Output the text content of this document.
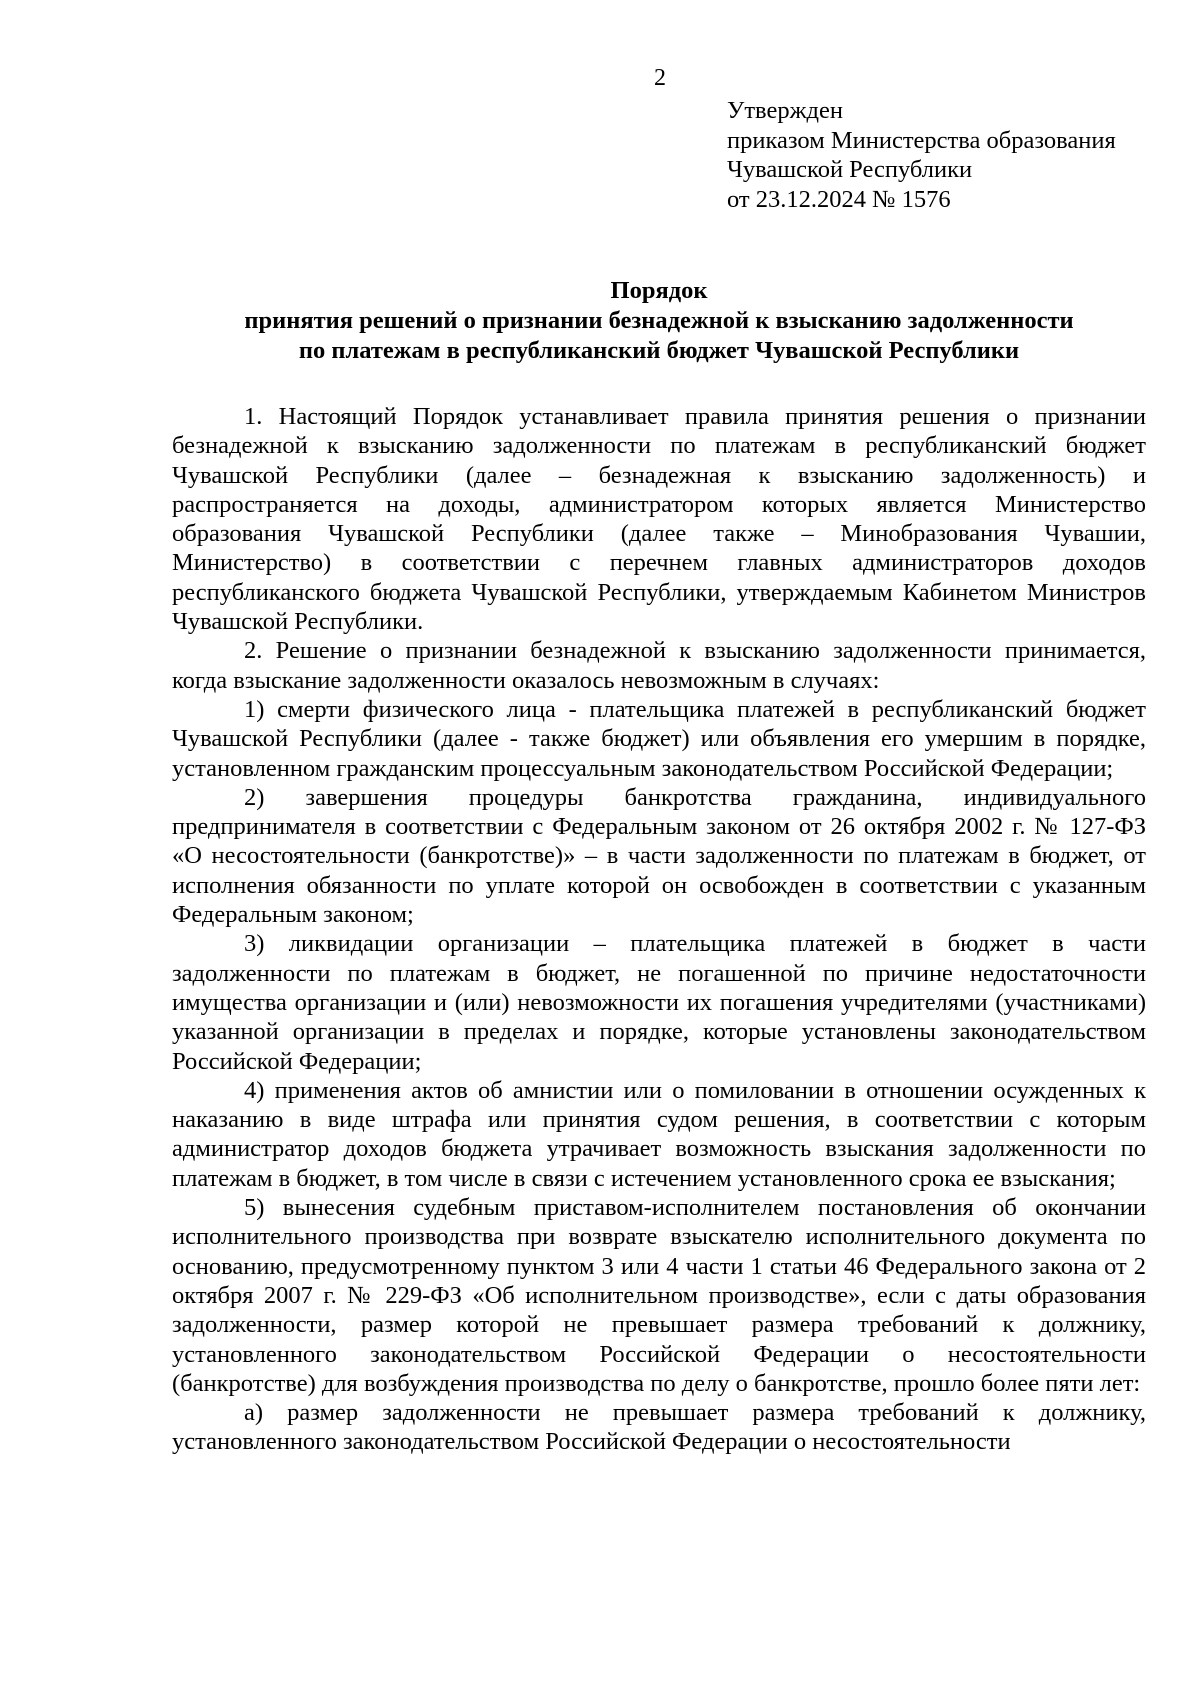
2
Утвержден
приказом Министерства образования
Чувашской Республики
от 23.12.2024 № 1576
Порядок
принятия решений о признании безнадежной к взысканию задолженности
по платежам в республиканский бюджет Чувашской Республики

1. Настоящий Порядок устанавливает правила принятия решения о признании безнадежной к взысканию задолженности по платежам в республиканский бюджет Чувашской Республики (далее – безнадежная к взысканию задолженность) и распространяется на доходы, администратором которых является Министерство образования Чувашской Республики (далее также – Минобразования Чувашии, Министерство) в соответствии с перечнем главных администраторов доходов республиканского бюджета Чувашской Республики, утверждаемым Кабинетом Министров Чувашской Республики.

2. Решение о признании безнадежной к взысканию задолженности принимается, когда взыскание задолженности оказалось невозможным в случаях:

1) смерти физического лица - плательщика платежей в республиканский бюджет Чувашской Республики (далее - также бюджет) или объявления его умершим в порядке, установленном гражданским процессуальным законодательством Российской Федерации;

2) завершения процедуры банкротства гражданина, индивидуального предпринимателя в соответствии с Федеральным законом от 26 октября 2002 г. № 127-ФЗ «О несостоятельности (банкротстве)» – в части задолженности по платежам в бюджет, от исполнения обязанности по уплате которой он освобожден в соответствии с указанным Федеральным законом;

3) ликвидации организации – плательщика платежей в бюджет в части задолженности по платежам в бюджет, не погашенной по причине недостаточности имущества организации и (или) невозможности их погашения учредителями (участниками) указанной организации в пределах и порядке, которые установлены законодательством Российской Федерации;

4) применения актов об амнистии или о помиловании в отношении осужденных к наказанию в виде штрафа или принятия судом решения, в соответствии с которым администратор доходов бюджета утрачивает возможность взыскания задолженности по платежам в бюджет, в том числе в связи с истечением установленного срока ее взыскания;

5) вынесения судебным приставом-исполнителем постановления об окончании исполнительного производства при возврате взыскателю исполнительного документа по основанию, предусмотренному пунктом 3 или 4 части 1 статьи 46 Федерального закона от 2 октября 2007 г. № 229-ФЗ «Об исполнительном производстве», если с даты образования задолженности, размер которой не превышает размера требований к должнику, установленного законодательством Российской Федерации о несостоятельности (банкротстве) для возбуждения производства по делу о банкротстве, прошло более пяти лет:

а) размер задолженности не превышает размера требований к должнику, установленного законодательством Российской Федерации о несостоятельности
